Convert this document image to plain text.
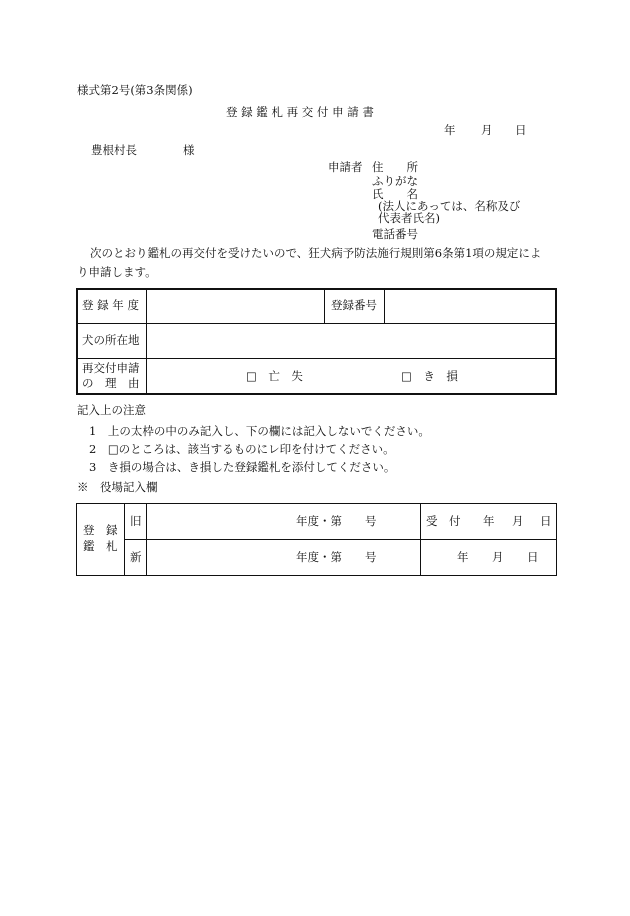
様式第2号(第3条関係)
登 録 鑑 札 再 交 付 申 請 書
年 月 日
豊根村長	様
申請者 住　　所
ふりがな
氏　　名
(法人にあっては、名称及び
代表者氏名)
電話番号
次のとおり鑑札の再交付を受けたいので、狂犬病予防法施行規則第6条第1項の規定によ
り申請します。
登 録 年 度	登録番号
犬の所在地
再交付申請
の　理　由	□　亡　失	□　き　損
記入上の注意
1　上の太枠の中のみ記入し、下の欄には記入しないでください。
2　□のところは、該当するものにレ印を付けてください。
3　き損の場合は、き損した登録鑑札を添付してください。
※　役場記入欄
登　録
鑑　札
旧	年度・第　　号	受　付 年 月 日
新	年度・第　　号	年 月 日
